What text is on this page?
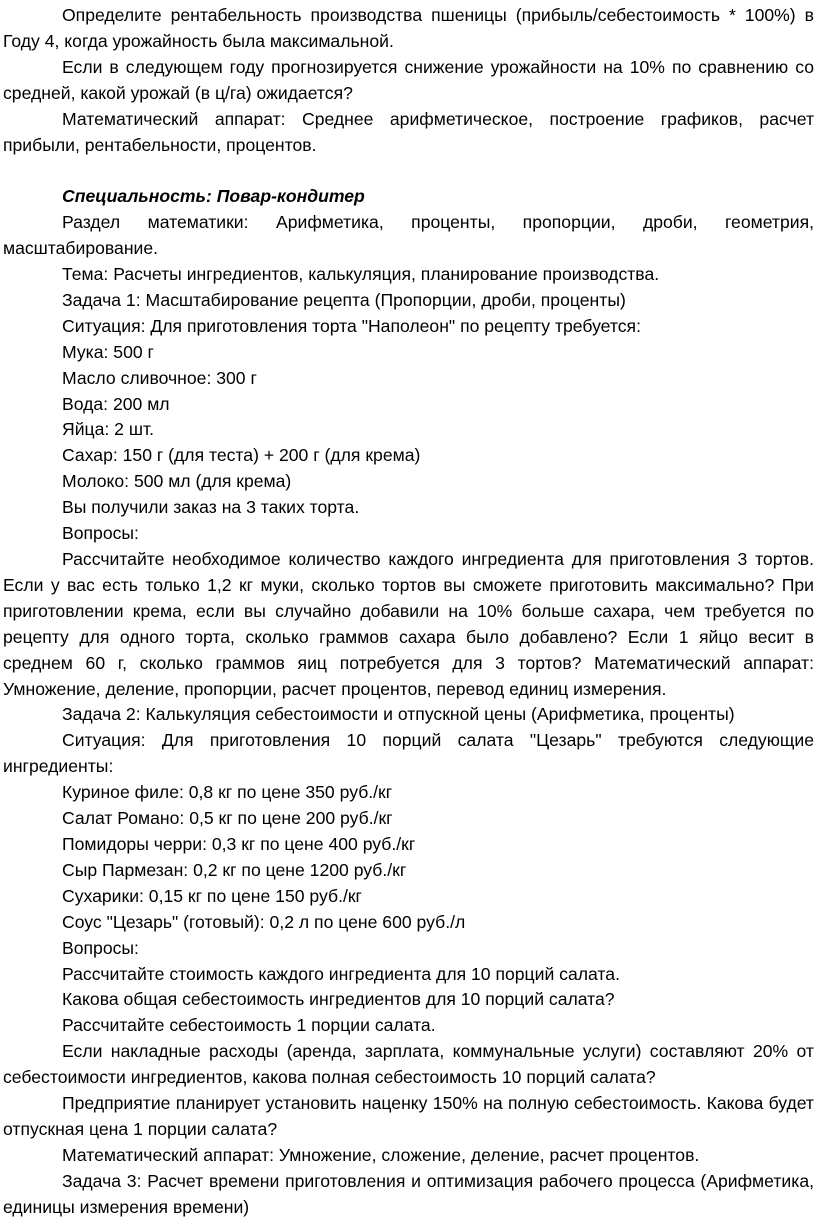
Определите рентабельность производства пшеницы (прибыль/себестоимость * 100%) в Году 4, когда урожайность была максимальной.

Если в следующем году прогнозируется снижение урожайности на 10% по сравнению со средней, какой урожай (в ц/га) ожидается?

Математический аппарат: Среднее арифметическое, построение графиков, расчет прибыли, рентабельности, процентов.

Специальность: Повар-кондитер

Раздел математики: Арифметика, проценты, пропорции, дроби, геометрия, масштабирование.

Тема: Расчеты ингредиентов, калькуляция, планирование производства.

Задача 1: Масштабирование рецепта (Пропорции, дроби, проценты)

Ситуация: Для приготовления торта "Наполеон" по рецепту требуется:

Мука: 500 г

Масло сливочное: 300 г

Вода: 200 мл

Яйца: 2 шт.

Сахар: 150 г (для теста) + 200 г (для крема)

Молоко: 500 мл (для крема)

Вы получили заказ на 3 таких торта.

Вопросы:

Рассчитайте необходимое количество каждого ингредиента для приготовления 3 тортов. Если у вас есть только 1,2 кг муки, сколько тортов вы сможете приготовить максимально? При приготовлении крема, если вы случайно добавили на 10% больше сахара, чем требуется по рецепту для одного торта, сколько граммов сахара было добавлено? Если 1 яйцо весит в среднем 60 г, сколько граммов яиц потребуется для 3 тортов? Математический аппарат: Умножение, деление, пропорции, расчет процентов, перевод единиц измерения.

Задача 2: Калькуляция себестоимости и отпускной цены (Арифметика, проценты)

Ситуация: Для приготовления 10 порций салата "Цезарь" требуются следующие ингредиенты:

Куриное филе: 0,8 кг по цене 350 руб./кг

Салат Романо: 0,5 кг по цене 200 руб./кг

Помидоры черри: 0,3 кг по цене 400 руб./кг

Сыр Пармезан: 0,2 кг по цене 1200 руб./кг

Сухарики: 0,15 кг по цене 150 руб./кг

Соус "Цезарь" (готовый): 0,2 л по цене 600 руб./л

Вопросы:

Рассчитайте стоимость каждого ингредиента для 10 порций салата.

Какова общая себестоимость ингредиентов для 10 порций салата?

Рассчитайте себестоимость 1 порции салата.

Если накладные расходы (аренда, зарплата, коммунальные услуги) составляют 20% от себестоимости ингредиентов, какова полная себестоимость 10 порций салата?

Предприятие планирует установить наценку 150% на полную себестоимость. Какова будет отпускная цена 1 порции салата?

Математический аппарат: Умножение, сложение, деление, расчет процентов.

Задача 3: Расчет времени приготовления и оптимизация рабочего процесса (Арифметика, единицы измерения времени)
